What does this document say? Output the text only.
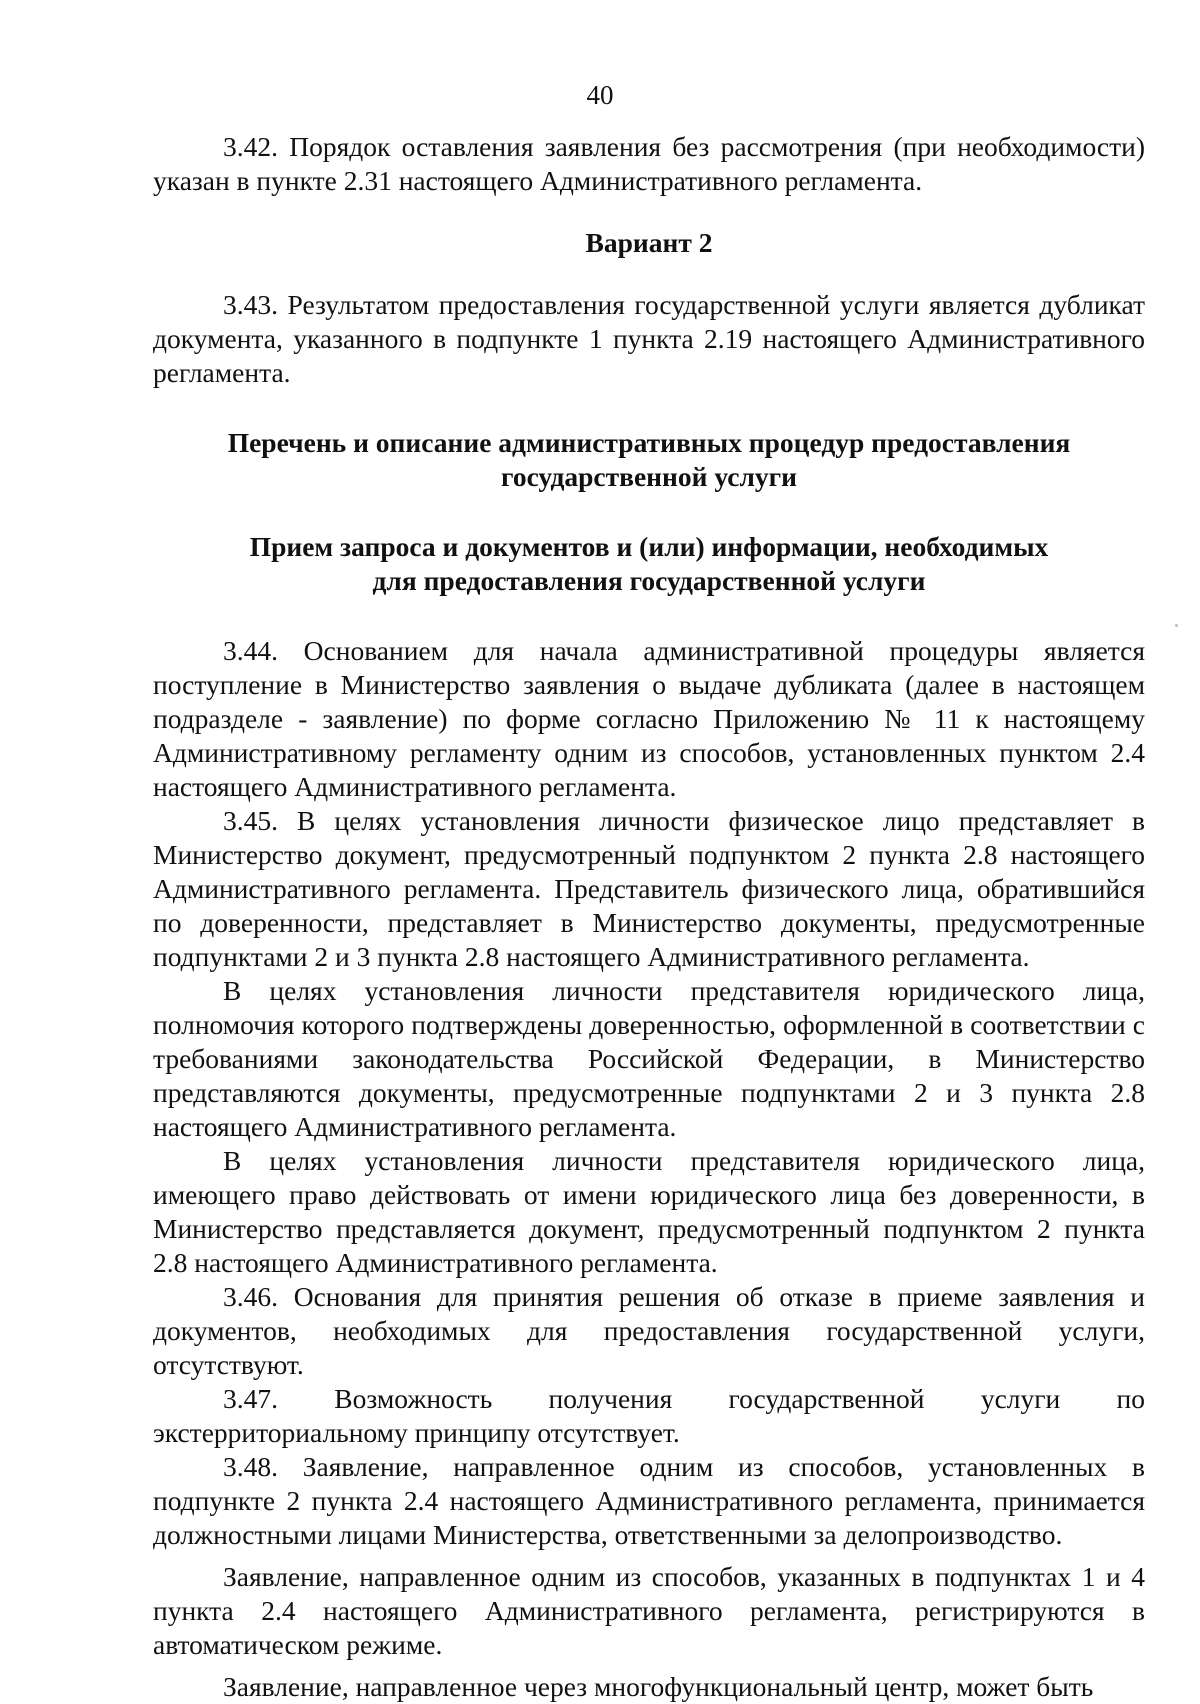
40

3.42. Порядок оставления заявления без рассмотрения (при необходимости) указан в пункте 2.31 настоящего Административного регламента.

Вариант 2

3.43. Результатом предоставления государственной услуги является дубликат документа, указанного в подпункте 1 пункта 2.19 настоящего Административного регламента.

Перечень и описание административных процедур предоставления

государственной услуги

Прием запроса и документов и (или) информации, необходимых

для предоставления государственной услуги

3.44. Основанием для начала административной процедуры является поступление в Министерство заявления о выдаче дубликата (далее в настоящем подразделе - заявление) по форме согласно Приложению № 11 к настоящему Административному регламенту одним из способов, установленных пунктом 2.4 настоящего Административного регламента.

3.45. В целях установления личности физическое лицо представляет в Министерство документ, предусмотренный подпунктом 2 пункта 2.8 настоящего Административного регламента. Представитель физического лица, обратившийся по доверенности, представляет в Министерство документы, предусмотренные подпунктами 2 и 3 пункта 2.8 настоящего Административного регламента.

В целях установления личности представителя юридического лица, полномочия которого подтверждены доверенностью, оформленной в соответствии с требованиями законодательства Российской Федерации, в Министерство представляются документы, предусмотренные подпунктами 2 и 3 пункта 2.8 настоящего Административного регламента.

В целях установления личности представителя юридического лица, имеющего право действовать от имени юридического лица без доверенности, в Министерство представляется документ, предусмотренный подпунктом 2 пункта 2.8 настоящего Административного регламента.

3.46. Основания для принятия решения об отказе в приеме заявления и документов, необходимых для предоставления государственной услуги, отсутствуют.

3.47. Возможность получения государственной услуги по экстерриториальному принципу отсутствует.

3.48. Заявление, направленное одним из способов, установленных в подпункте 2 пункта 2.4 настоящего Административного регламента, принимается должностными лицами Министерства, ответственными за делопроизводство.

Заявление, направленное одним из способов, указанных в подпунктах 1 и 4 пункта 2.4 настоящего Административного регламента, регистрируются в автоматическом режиме.

Заявление, направленное через многофункциональный центр, может быть
